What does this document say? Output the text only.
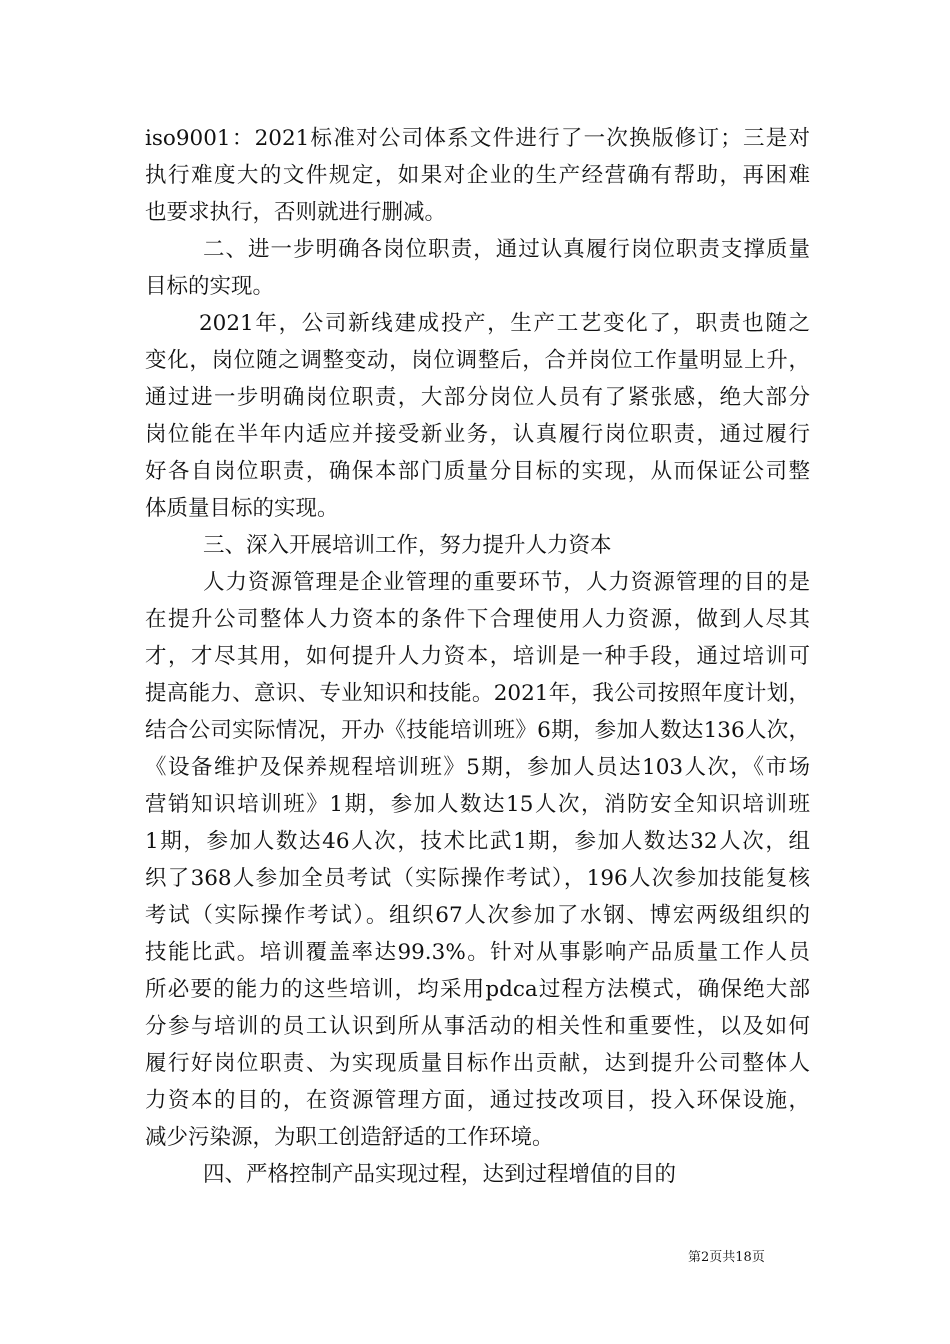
iso9001：2021标准对公司体系文件进行了一次换版修订；三是对
执行难度大的文件规定，如果对企业的生产经营确有帮助，再困难
也要求执行，否则就进行删减。
二、进一步明确各岗位职责，通过认真履行岗位职责支撑质量
目标的实现。
2021年，公司新线建成投产，生产工艺变化了，职责也随之
变化，岗位随之调整变动，岗位调整后，合并岗位工作量明显上升，
通过进一步明确岗位职责，大部分岗位人员有了紧张感，绝大部分
岗位能在半年内适应并接受新业务，认真履行岗位职责，通过履行
好各自岗位职责，确保本部门质量分目标的实现，从而保证公司整
体质量目标的实现。
三、深入开展培训工作，努力提升人力资本
人力资源管理是企业管理的重要环节，人力资源管理的目的是
在提升公司整体人力资本的条件下合理使用人力资源，做到人尽其
才，才尽其用，如何提升人力资本，培训是一种手段，通过培训可
提高能力、意识、专业知识和技能。2021年，我公司按照年度计划，
结合公司实际情况，开办《技能培训班》6期，参加人数达136人次，
《设备维护及保养规程培训班》5期，参加人员达103人次，《市场
营销知识培训班》1期，参加人数达15人次，消防安全知识培训班
1期，参加人数达46人次，技术比武1期，参加人数达32人次，组
织了368人参加全员考试（实际操作考试），196人次参加技能复核
考试（实际操作考试）。组织67人次参加了水钢、博宏两级组织的
技能比武。培训覆盖率达99.3%。针对从事影响产品质量工作人员
所必要的能力的这些培训，均采用pdca过程方法模式，确保绝大部
分参与培训的员工认识到所从事活动的相关性和重要性，以及如何
履行好岗位职责、为实现质量目标作出贡献，达到提升公司整体人
力资本的目的，在资源管理方面，通过技改项目，投入环保设施，
减少污染源，为职工创造舒适的工作环境。
四、严格控制产品实现过程，达到过程增值的目的
第2页共18页
